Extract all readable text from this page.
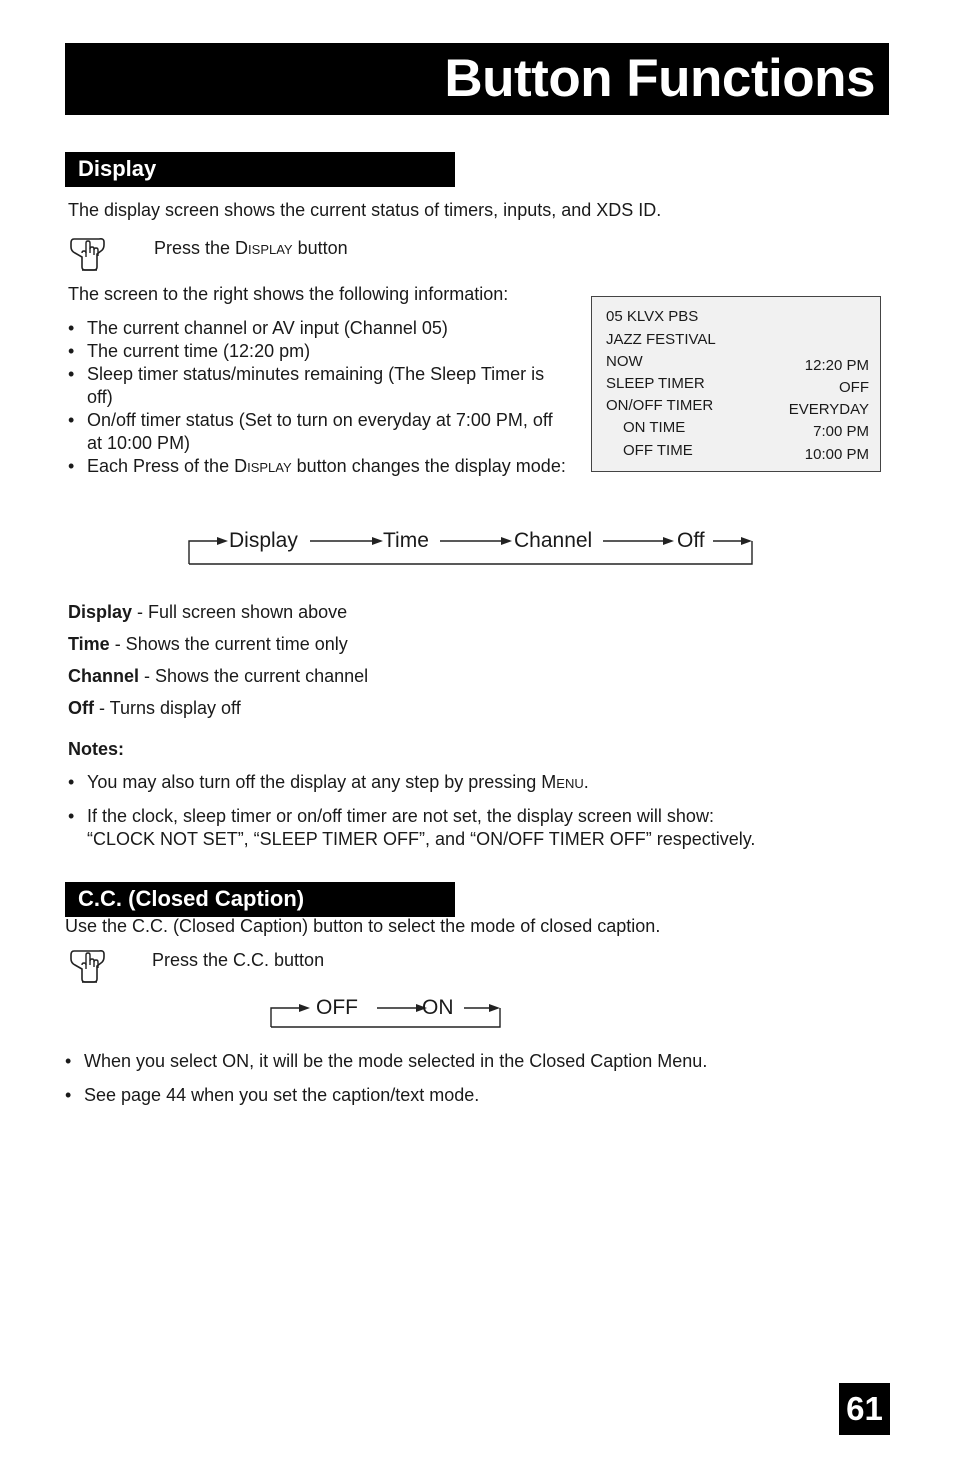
Button Functions
Display
The display screen shows the current status of timers, inputs, and XDS ID.
Press the Display button
The screen to the right shows the following information:
• The current channel or AV input (Channel 05)
• The current time (12:20 pm)
• Sleep timer status/minutes remaining (The Sleep Timer is off)
• On/off timer status (Set to turn on everyday at 7:00 PM, off at 10:00 PM)
• Each Press of the Display button changes the display mode:
05 KLVX PBS
JAZZ FESTIVAL
NOW	12:20 PM
SLEEP TIMER	OFF
ON/OFF TIMER	EVERYDAY
ON TIME	7:00 PM
OFF TIME	10:00 PM
Display	Time	Channel	Off
Display - Full screen shown above
Time - Shows the current time only
Channel - Shows the current channel
Off - Turns display off
Notes:
• You may also turn off the display at any step by pressing Menu.
• If the clock, sleep timer or on/off timer are not set, the display screen will show:
“CLOCK NOT SET”, “SLEEP TIMER OFF”, and “ON/OFF TIMER OFF” respectively.
C.C. (Closed Caption)
Use the C.C. (Closed Caption) button to select the mode of closed caption.
Press the C.C. button
OFF	ON
• When you select ON, it will be the mode selected in the Closed Caption Menu.
• See page 44 when you set the caption/text mode.
61
